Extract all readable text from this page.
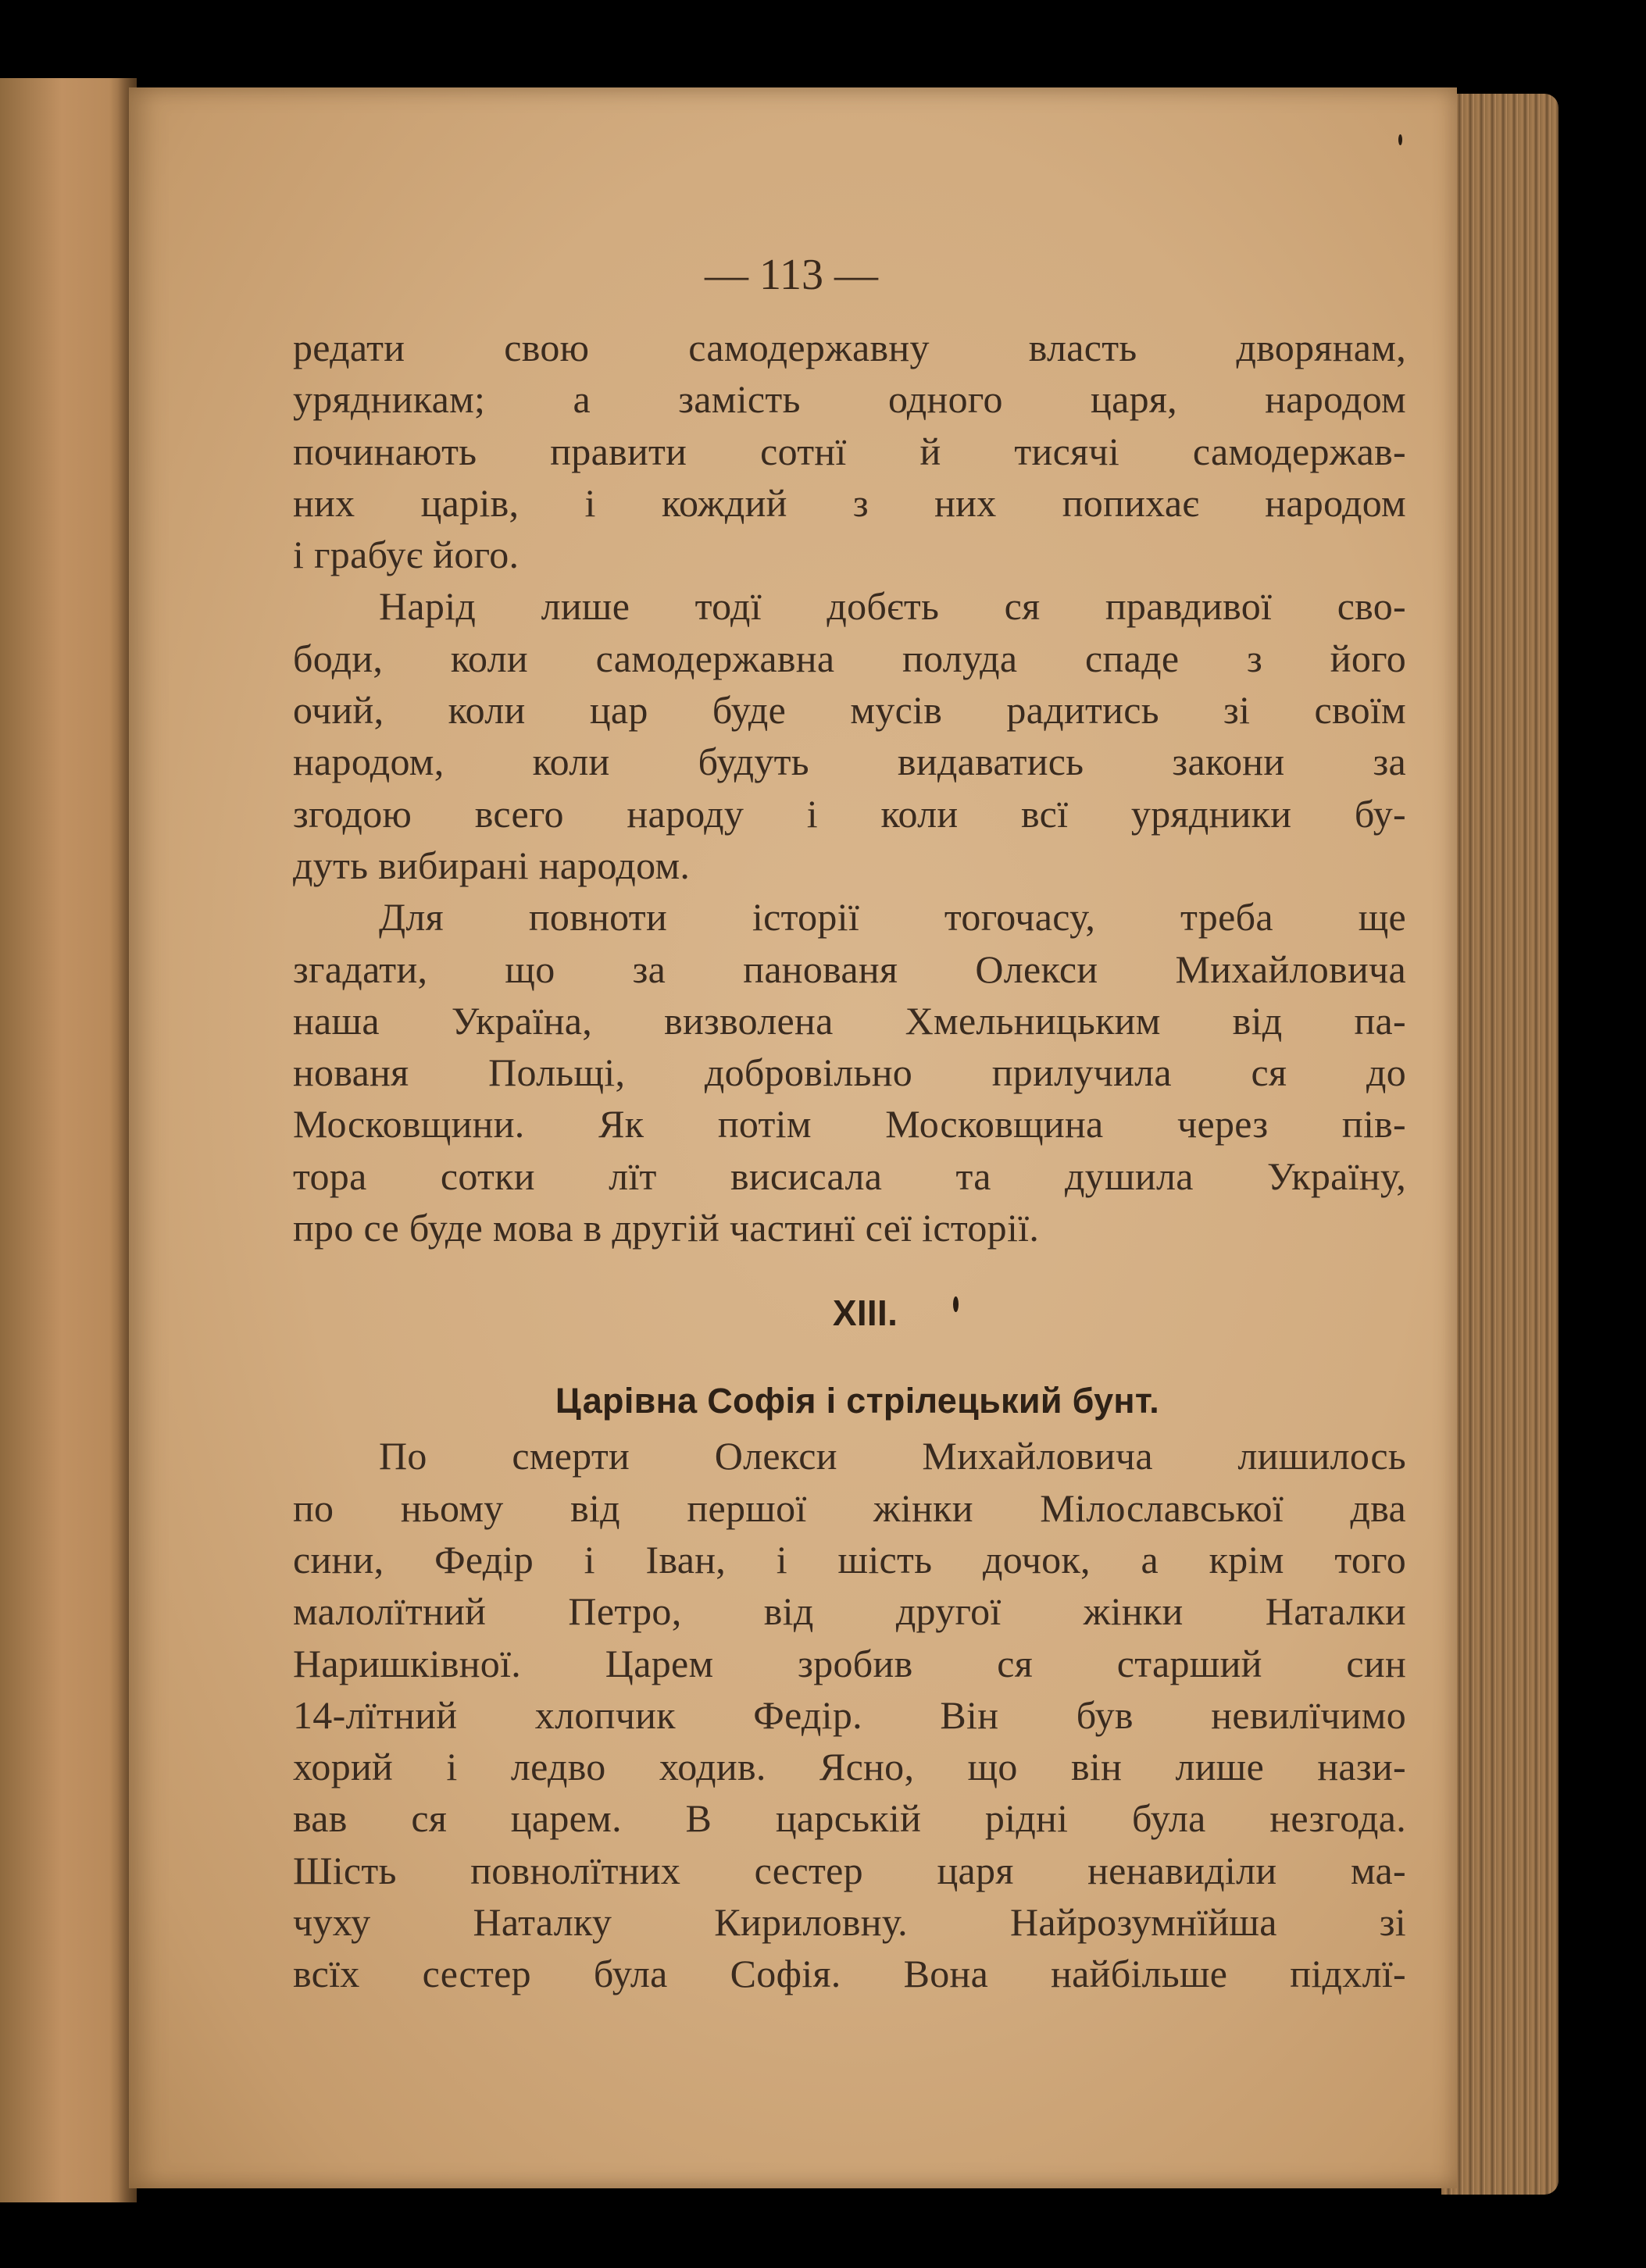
— 113 —
редати свою самодержавну власть дворянам,
урядникам; а замість одного царя, народом
починають правити сотнї й тисячі самодержав-
них царів, і кождий з них попихає народом
і грабує його.
Нарід лише тодї добєть ся правдивої сво-
боди, коли самодержавна полуда спаде з його
очий, коли цар буде мусів радитись зі своїм
народом, коли будуть видаватись закони за
згодою всего народу і коли всї урядники бу-
дуть вибирані народом.
Для повноти історії тогочасу, треба ще
згадати, що за панованя Олекси Михайловича
наша Україна, визволена Хмельницьким від па-
нованя Польщі, добровільно прилучила ся до
Московщини. Як потім Московщина через пів-
тора сотки лїт висисала та душила Україну,
про се буде мова в другій частинї сеї історії.
XIII.
Царівна Софія і стрілецький бунт.
По смерти Олекси Михайловича лишилось
по ньому від першої жінки Мілославської два
сини, Федір і Іван, і шість дочок, а крім того
малолїтний Петро, від другої жінки Наталки
Наришківної. Царем зробив ся старший син
14-лїтний хлопчик Федір. Він був невилїчимо
хорий і ледво ходив. Ясно, що він лише нази-
вав ся царем. В царській рідні була незгода.
Шість повнолїтних сестер царя ненавиділи ма-
чуху Наталку Кириловну. Найрозумнїйша зі
всїх сестер була Софія. Вона найбільше підхлї-
